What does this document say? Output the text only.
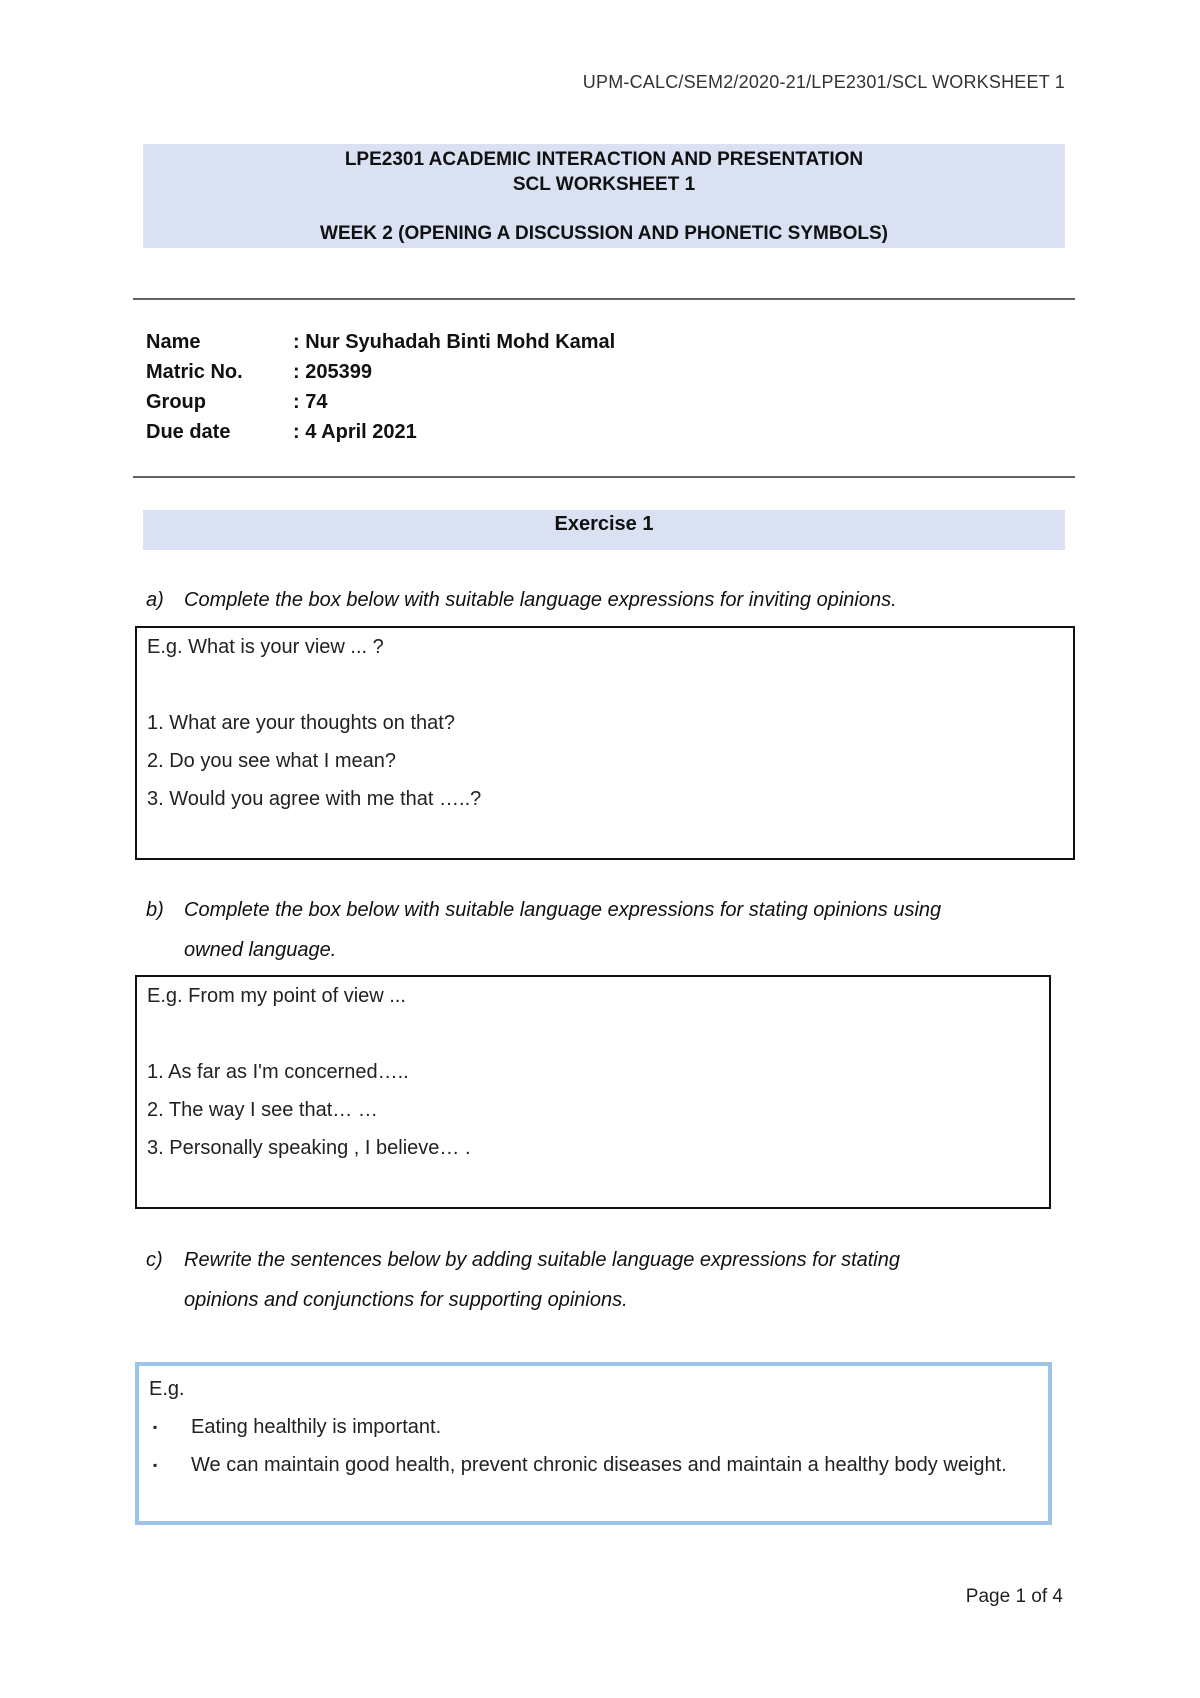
UPM-CALC/SEM2/2020-21/LPE2301/SCL WORKSHEET 1
LPE2301 ACADEMIC INTERACTION AND PRESENTATION
SCL WORKSHEET 1
WEEK 2 (OPENING A DISCUSSION AND PHONETIC SYMBOLS)
Name	: Nur Syuhadah Binti Mohd Kamal
Matric No.	: 205399
Group	: 74
Due date	: 4 April 2021
Exercise 1
a) Complete the box below with suitable language expressions for inviting opinions.
E.g. What is your view ... ?
1. What are your thoughts on that?
2. Do you see what I mean?
3. Would you agree with me that …..?
b) Complete the box below with suitable language expressions for stating opinions using
owned language.
E.g. From my point of view ...
1. As far as I'm concerned…..
2. The way I see that… …
3. Personally speaking , I believe… .
c) Rewrite the sentences below by adding suitable language expressions for stating
opinions and conjunctions for supporting opinions.
E.g.
▪	Eating healthily is important.
▪	We can maintain good health, prevent chronic diseases and maintain a healthy body weight.
Page 1 of 4
